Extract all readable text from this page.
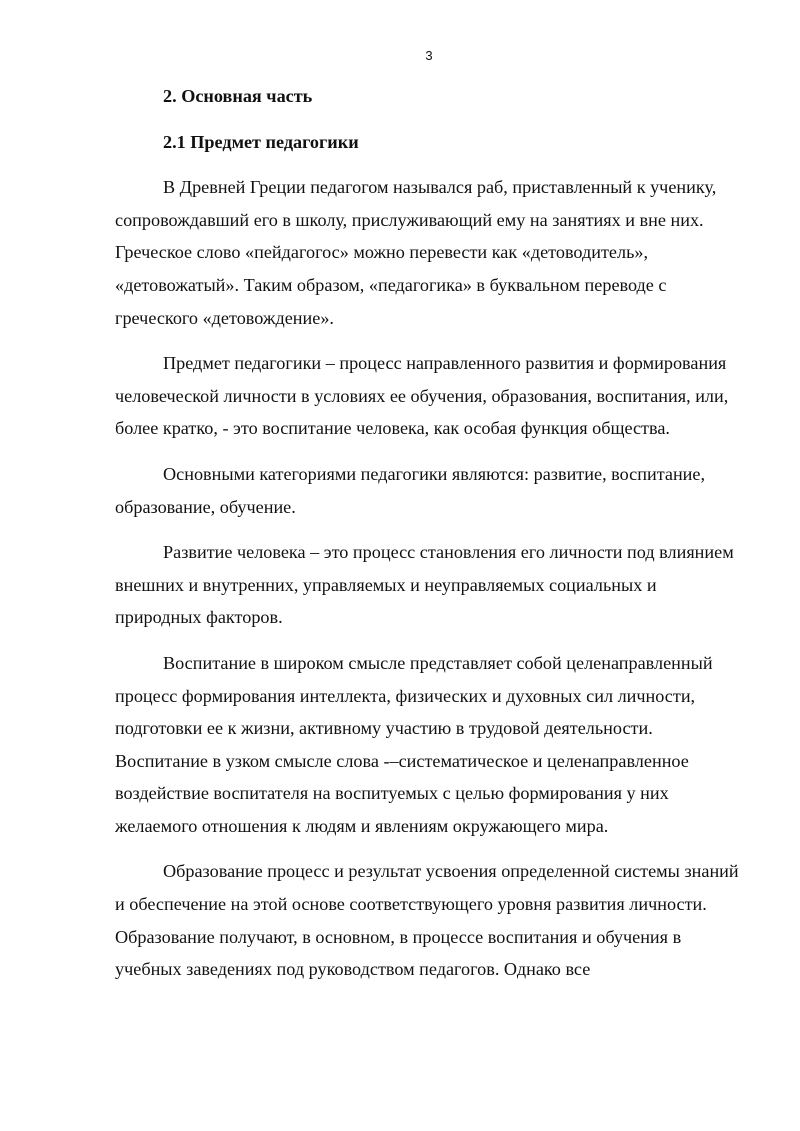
3

2. Основная часть

2.1 Предмет педагогики

В Древней Греции педагогом назывался раб, приставленный к ученику, сопровождавший его в школу, прислуживающий ему на занятиях и вне них. Греческое слово «пейдагогос» можно перевести как «детоводитель», «детовожатый». Таким образом, «педагогика» в буквальном переводе с греческого «детовождение».

Предмет педагогики – процесс направленного развития и формирования человеческой личности в условиях ее обучения, образования, воспитания, или, более кратко, - это воспитание человека, как особая функция общества.

Основными категориями педагогики являются: развитие, воспитание, образование, обучение.

Развитие человека – это процесс становления его личности под влиянием внешних и внутренних, управляемых и неуправляемых социальных и природных факторов.

Воспитание в широком смысле представляет собой целенаправленный процесс формирования интеллекта, физических и духовных сил личности, подготовки ее к жизни, активному участию в трудовой деятельности. Воспитание в узком смысле слова -–систематическое и целенаправленное воздействие воспитателя на воспитуемых с целью формирования у них желаемого отношения к людям и явлениям окружающего мира.

Образование процесс и результат усвоения определенной системы знаний и обеспечение на этой основе соответствующего уровня развития личности. Образование получают, в основном, в процессе воспитания и обучения в учебных заведениях под руководством педагогов. Однако все
